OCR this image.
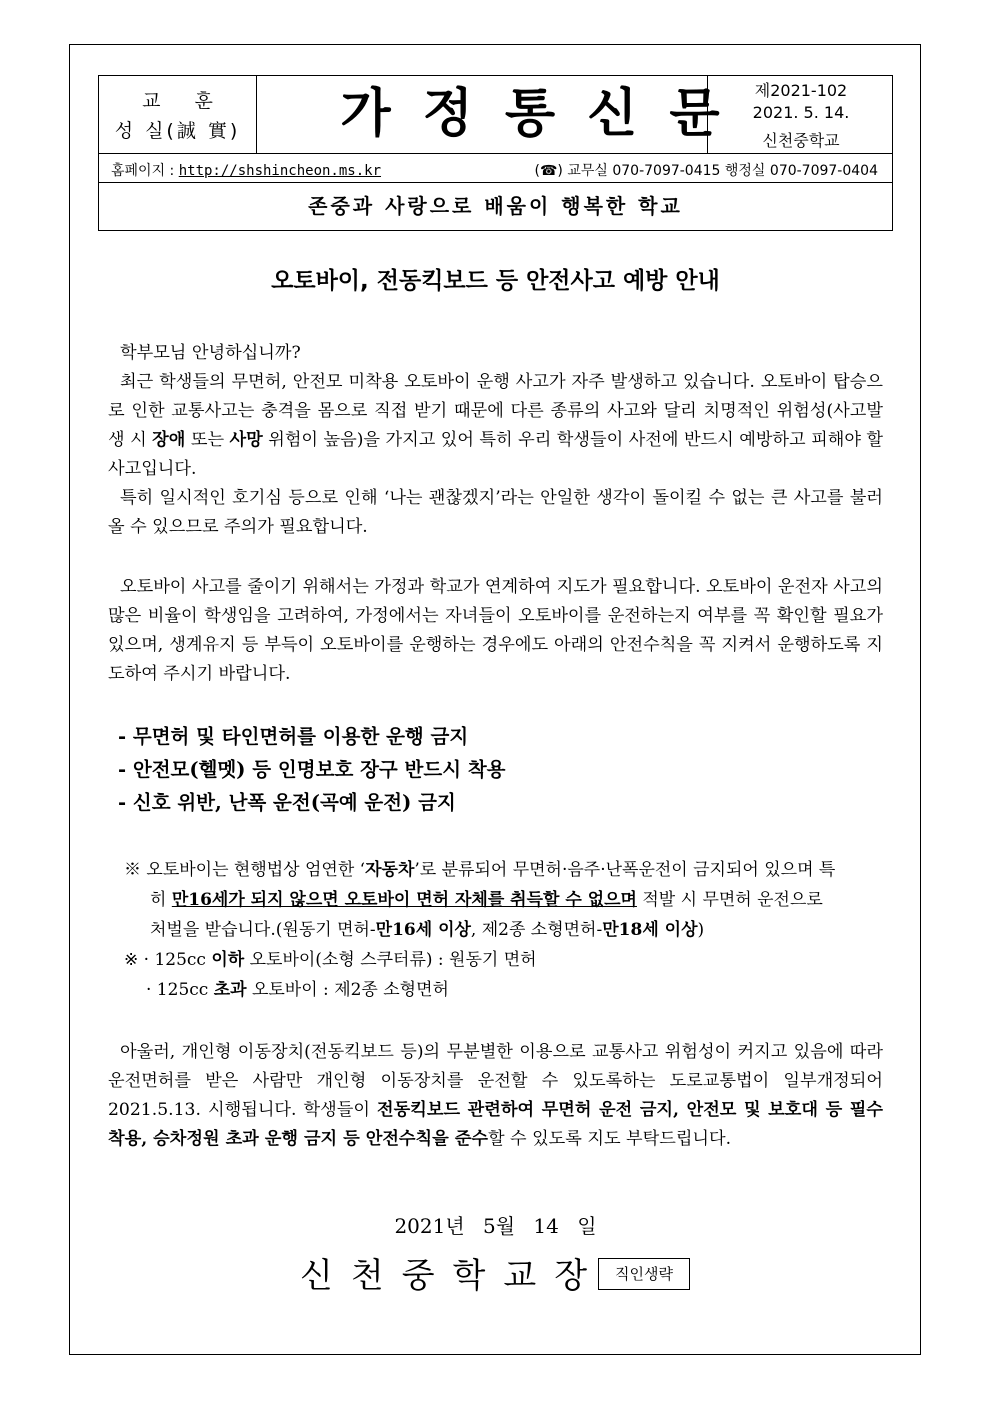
교 훈
성 실(誠 實)	가정통신문 제2021-102
2021. 5. 14.
신천중학교
홈페이지 : http://shshincheon.ms.kr	(☎) 교무실 070-7097-0415 행정실 070-7097-0404
존중과 사랑으로 배움이 행복한 학교
오토바이, 전동킥보드 등 안전사고 예방 안내
학부모님 안녕하십니까?
최근 학생들의 무면허, 안전모 미착용 오토바이 운행 사고가 자주 발생하고 있습니다. 오토바이 탑승으로 인한 교통사고는 충격을 몸으로 직접 받기 때문에 다른 종류의 사고와 달리 치명적인 위험성(사고발생 시 장애 또는 사망 위험이 높음)을 가지고 있어 특히 우리 학생들이 사전에 반드시 예방하고 피해야 할 사고입니다.
특히 일시적인 호기심 등으로 인해 ‘나는 괜찮겠지’라는 안일한 생각이 돌이킬 수 없는 큰 사고를 불러올 수 있으므로 주의가 필요합니다.
오토바이 사고를 줄이기 위해서는 가정과 학교가 연계하여 지도가 필요합니다. 오토바이 운전자 사고의 많은 비율이 학생임을 고려하여, 가정에서는 자녀들이 오토바이를 운전하는지 여부를 꼭 확인할 필요가 있으며, 생계유지 등 부득이 오토바이를 운행하는 경우에도 아래의 안전수칙을 꼭 지켜서 운행하도록 지도하여 주시기 바랍니다.
- 무면허 및 타인면허를 이용한 운행 금지
- 안전모(헬멧) 등 인명보호 장구 반드시 착용
- 신호 위반, 난폭 운전(곡예 운전) 금지
※ 오토바이는 현행법상 엄연한 ‘자동차’로 분류되어 무면허·음주·난폭운전이 금지되어 있으며 특
히 만16세가 되지 않으면 오토바이 면허 자체를 취득할 수 없으며 적발 시 무면허 운전으로
처벌을 받습니다.(원동기 면허-만16세 이상, 제2종 소형면허-만18세 이상)
※ · 125cc 이하 오토바이(소형 스쿠터류) : 원동기 면허
· 125cc 초과 오토바이 : 제2종 소형면허
아울러, 개인형 이동장치(전동킥보드 등)의 무분별한 이용으로 교통사고 위험성이 커지고 있음에 따라 운전면허를 받은 사람만 개인형 이동장치를 운전할 수 있도록하는 도로교통법이 일부개정되어 2021.5.13. 시행됩니다. 학생들이 전동킥보드 관련하여 무면허 운전 금지, 안전모 및 보호대 등 필수 착용, 승차정원 초과 운행 금지 등 안전수칙을 준수할 수 있도록 지도 부탁드립니다.
2021년 5월 14 일
신천중학교장 직인생략
